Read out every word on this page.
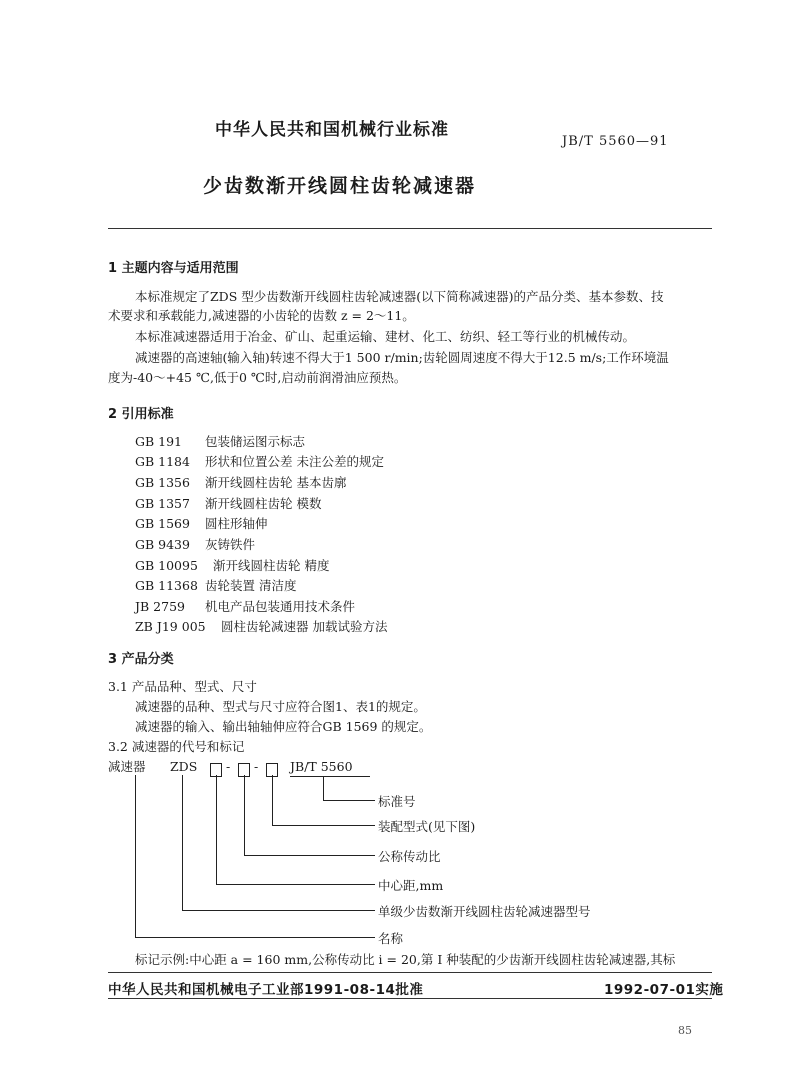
中华人民共和国机械行业标准
JB/T 5560—91
少齿数渐开线圆柱齿轮减速器
1 主题内容与适用范围
本标准规定了ZDS 型少齿数渐开线圆柱齿轮减速器(以下简称减速器)的产品分类、基本参数、技
术要求和承载能力,减速器的小齿轮的齿数 z = 2～11。
本标准减速器适用于冶金、矿山、起重运输、建材、化工、纺织、轻工等行业的机械传动。
减速器的高速轴(输入轴)转速不得大于1 500 r/min;齿轮圆周速度不得大于12.5 m/s;工作环境温
度为-40～+45 ℃,低于0 ℃时,启动前润滑油应预热。
2 引用标准
GB 191 包装储运图示标志
GB 1184 形状和位置公差 未注公差的规定
GB 1356 渐开线圆柱齿轮 基本齿廓
GB 1357 渐开线圆柱齿轮 模数
GB 1569 圆柱形轴伸
GB 9439 灰铸铁件
GB 10095 渐开线圆柱齿轮 精度
GB 11368 齿轮装置 清洁度
JB 2759 机电产品包装通用技术条件
ZB J19 005 圆柱齿轮减速器 加载试验方法
3 产品分类
3.1 产品品种、型式、尺寸
减速器的品种、型式与尺寸应符合图1、表1的规定。
减速器的输入、输出轴轴伸应符合GB 1569 的规定。
3.2 减速器的代号和标记
减速器 ZDS - -	JB/T 5560
标准号
装配型式(见下图)
公称传动比
中心距,mm
单级少齿数渐开线圆柱齿轮减速器型号
名称
标记示例:中心距 a = 160 mm,公称传动比 i = 20,第 I 种装配的少齿渐开线圆柱齿轮减速器,其标
中华人民共和国机械电子工业部1991-08-14批准	1992-07-01实施
85
